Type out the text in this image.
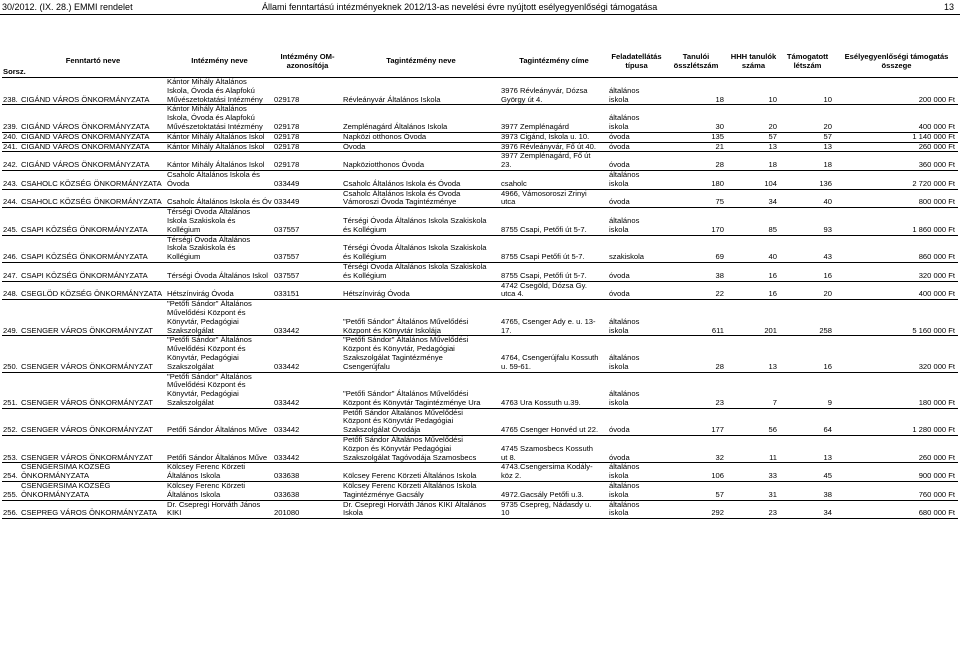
30/2012. (IX. 28.) EMMI rendelet	Állami fenntartású intézményeknek 2012/13-as nevelési évre nyújtott esélyegyenlőségi támogatása	13
Sorsz.	Fenntartó neve	Intézmény neve	Intézmény OM-azonosítója	Tagintézmény neve	Tagintézmény címe	Feladatellátás típusa	Tanulói összlétszám	HHH tanulók száma	Támogatott létszám	Esélyegyenlőségi támogatás összege
238.	CIGÁND VÁROS ÖNKORMÁNYZATA	Kántor Mihály Általános
Iskola, Óvoda és Alapfokú
Művészetoktatási Intézmény	029178	Révleányvár Általános Iskola	3976 Révleányvár, Dózsa
György út 4.	általános
iskola	18	10	10	200 000 Ft
239.	CIGÁND VÁROS ÖNKORMÁNYZATA	Kántor Mihály Általános
Iskola, Óvoda és Alapfokú
Művészetoktatási Intézmény	029178	Zemplénagárd Általános Iskola	3977 Zemplénagárd	általános
iskola	30	20	20	400 000 Ft
240.	CIGÁND VÁROS ÖNKORMÁNYZATA	Kántor Mihály Általános Iskol	029178	Napközi otthonos Óvoda	3973 Cigánd, Iskola u. 10.	óvoda	135	57	57	1 140 000 Ft
241.	CIGÁND VÁROS ÖNKORMÁNYZATA	Kántor Mihály Általános Iskol	029178	Óvoda	3976 Révleányvár, Fő út 40.	óvoda	21	13	13	260 000 Ft
242.	CIGÁND VÁROS ÖNKORMÁNYZATA	Kántor Mihály Általános Iskol	029178	Napköziotthonos Óvoda	3977 Zemplénagárd, Fő út
23.	óvoda	28	18	18	360 000 Ft
243.	CSAHOLC KÖZSÉG ÖNKORMÁNYZATA	Csaholc Általános Iskola és
Óvoda	033449	Csaholc Általános Iskola és Óvoda	csaholc	általános
iskola	180	104	136	2 720 000 Ft
244.	CSAHOLC KÖZSÉG ÖNKORMÁNYZATA	Csaholc Általános Iskola és Óv	033449	Csaholc Általános Iskola és Óvoda
Vámoroszi Óvoda Tagintézménye	4966, Vámosoroszi Zrinyi
utca	óvoda	75	34	40	800 000 Ft
245.	CSAPI KÖZSÉG ÖNKORMÁNYZATA	Térségi Óvoda Általános
Iskola Szakiskola és
Kollégium	037557	Térségi Óvoda Általános Iskola Szakiskola
és Kollégium	8755 Csapi, Petőfi út 5-7.	általános
iskola	170	85	93	1 860 000 Ft
246.	CSAPI KÖZSÉG ÖNKORMÁNYZATA	Térségi Óvoda Általános
Iskola Szakiskola és
Kollégium	037557	Térségi Óvoda Általános Iskola Szakiskola
és Kollégium	8755 Csapi Petőfi út 5-7.	szakiskola	69	40	43	860 000 Ft
247.	CSAPI KÖZSÉG ÖNKORMÁNYZATA	Térségi Óvoda Általános Iskol	037557	Térségi Óvoda Általános Iskola Szakiskola
és Kollégium	8755 Csapi, Petőfi út 5-7.	óvoda	38	16	16	320 000 Ft
248.	CSEGLÖD KÖZSÉG ÖNKORMÁNYZATA	Hétszínvirág Óvoda	033151	Hétszínvirág Óvoda	4742 Csegöld, Dózsa Gy.
utca 4.	óvoda	22	16	20	400 000 Ft
249.	CSENGER VÁROS ÖNKORMÁNYZAT	"Petőfi Sándor" Általános
Művelődési Központ és
Könyvtár, Pedagógiai
Szakszolgálat	033442	"Petőfi Sándor" Általános Művelődési
Központ és Könyvtár Iskolája	4765, Csenger Ady e. u. 13-
17.	általános
iskola	611	201	258	5 160 000 Ft
250.	CSENGER VÁROS ÖNKORMÁNYZAT	"Petőfi Sándor" Általános
Művelődési Központ és
Könyvtár, Pedagógiai
Szakszolgálat	033442	"Petőfi Sándor" Általános Művelődési
Központ és Könyvtár, Pedagógiai
Szakszolgálat Tagintézménye
Csengerújfalu	4764, Csengerújfalu Kossuth
u. 59-61.	általános
iskola	28	13	16	320 000 Ft
251.	CSENGER VÁROS ÖNKORMÁNYZAT	"Petőfi Sándor" Általános
Művelődési Központ és
Könyvtár, Pedagógiai
Szakszolgálat	033442	"Petőfi Sándor" Általános Művelődési
Központ és Könyvtár Tagintézménye Ura	4763 Ura Kossuth u.39.	általános
iskola	23	7	9	180 000 Ft
252.	CSENGER VÁROS ÖNKORMÁNYZAT	Petőfi Sándor Általános Műve	033442	Petőfi Sándor Általános Művelődési
Központ és Könyvtár Pedagógiai
Szakszolgálat Óvodája	4765 Csenger Honvéd ut 22.	óvoda	177	56	64	1 280 000 Ft
253.	CSENGER VÁROS ÖNKORMÁNYZAT	Petőfi Sándor Általános Műve	033442	Petőfi Sándor Általános Művelődési
Közpon és Könyvtár Pedagógiai
Szakszolgálat Tagóvodája Szamosbecs	4745 Szamosbecs Kossuth
ut 8.	óvoda	32	11	13	260 000 Ft
254.	CSENGERSIMA KÖZSÉG
ÖNKORMÁNYZATA	Kölcsey Ferenc Körzeti
Általános Iskola	033638	Kölcsey Ferenc Körzeti Általános Iskola	4743.Csengersima Kodály-
köz 2.	általános
iskola	106	33	45	900 000 Ft
255.	CSENGERSIMA KÖZSÉG
ÖNKORMÁNYZATA	Kölcsey Ferenc Körzeti
Általános Iskola	033638	Kölcsey Ferenc Körzeti Általános Iskola
Tagintézménye Gacsály	4972.Gacsály Petőfi u.3.	általános
iskola	57	31	38	760 000 Ft
256.	CSEPREG VÁROS ÖNKORMÁNYZATA	Dr. Csepregi Horváth János
KIKI	201080	Dr. Csepregi Horváth János KIKI Általános
Iskola	9735 Csepreg, Nádasdy u.
10	általános
iskola	292	23	34	680 000 Ft
